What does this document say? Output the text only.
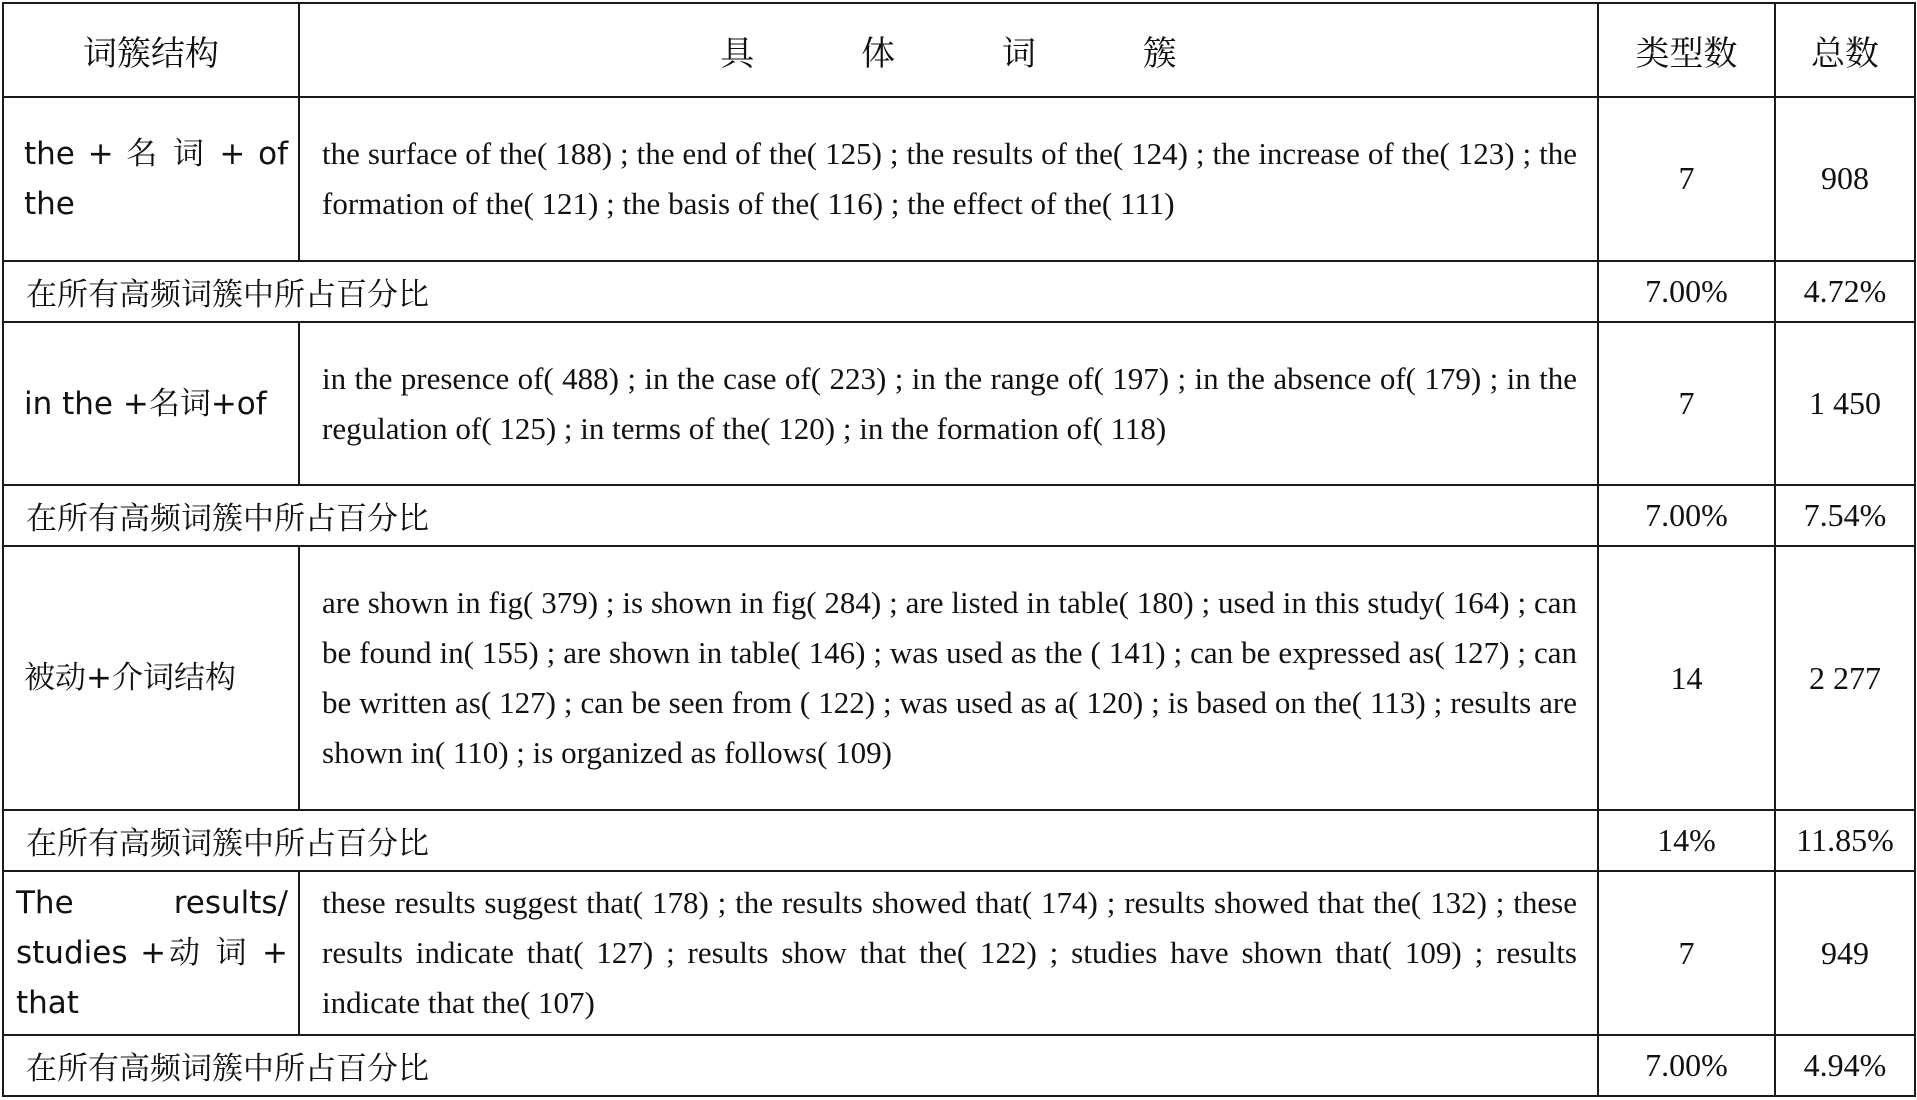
词簇结构	具 体 词 簇	类型数	总数
the + 名 词 + of the	the surface of the( 188) ; the end of the( 125) ; the results of the( 124) ; the increase of the( 123) ; the formation of the( 121) ; the basis of the( 116) ; the effect of the( 111)	7	908
在所有高频词簇中所占百分比		7.00%	4.72%
in the +名词+of	in the presence of( 488) ; in the case of( 223) ; in the range of( 197) ; in the absence of( 179) ; in the regulation of( 125) ; in terms of the( 120) ; in the formation of( 118)	7	1 450
在所有高频词簇中所占百分比		7.00%	7.54%
被动+介词结构	are shown in fig( 379) ; is shown in fig( 284) ; are listed in table( 180) ; used in this study( 164) ; can be found in( 155) ; are shown in table( 146) ; was used as the ( 141) ; can be expressed as( 127) ; can be written as( 127) ; can be seen from ( 122) ; was used as a( 120) ; is based on the( 113) ; results are shown in( 110) ; is organized as follows( 109)	14	2 277
在所有高频词簇中所占百分比		14%	11.85%
The results/ studies +动 词 + that	these results suggest that( 178) ; the results showed that( 174) ; results showed that the( 132) ; these results indicate that( 127) ; results show that the( 122) ; studies have shown that( 109) ; results indicate that the( 107)	7	949
在所有高频词簇中所占百分比		7.00%	4.94%
